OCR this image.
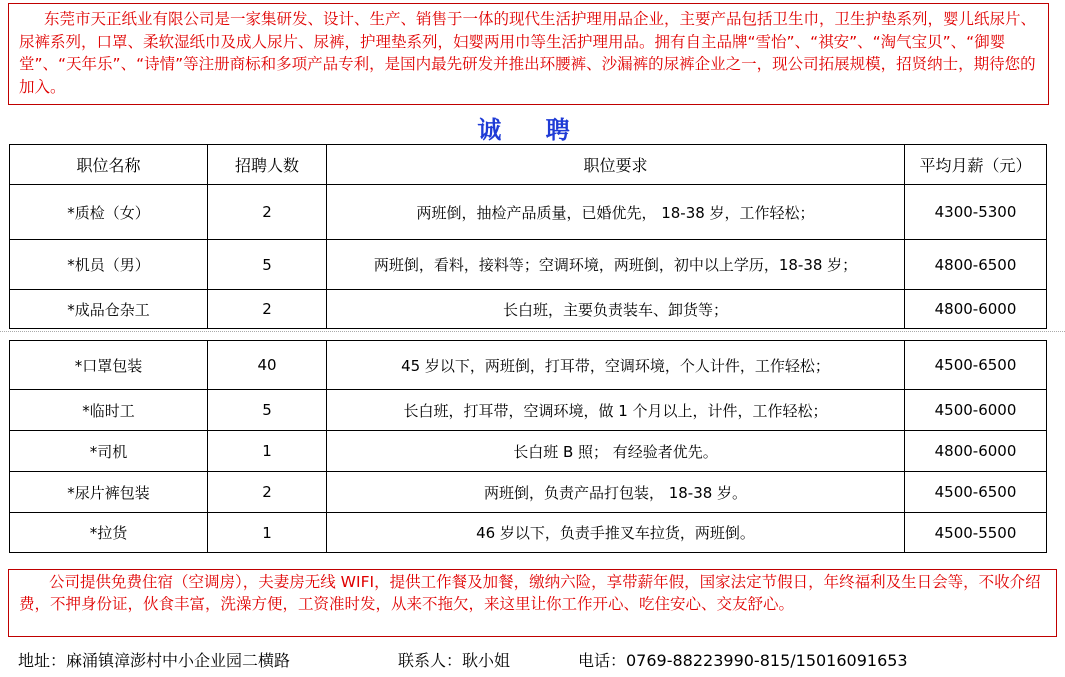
东莞市天正纸业有限公司是一家集研发、设计、生产、销售于一体的现代生活护理用品企业，主要产品包括卫生巾，卫生护垫系列，婴儿纸尿片、尿裤系列，口罩、柔软湿纸巾及成人尿片、尿裤，护理垫系列，妇婴两用巾等生活护理用品。拥有自主品牌“雪怡”、“祺安”、“淘气宝贝”、“御婴堂”、“天年乐”、“诗情”等注册商标和多项产品专利，是国内最先研发并推出环腰裤、沙漏裤的尿裤企业之一，现公司拓展规模，招贤纳士，期待您的加入。

诚 聘
职位名称	招聘人数	职位要求	平均月薪（元）
*质检（女）	2	两班倒，抽检产品质量，已婚优先， 18-38 岁，工作轻松；	4300-5300
*机员（男）	5	两班倒，看料，接料等；空调环境，两班倒，初中以上学历，18-38 岁；	4800-6500
*成品仓杂工	2	长白班，主要负责装车、卸货等；	4800-6000
*口罩包装	40	45 岁以下，两班倒，打耳带，空调环境，个人计件，工作轻松；	4500-6500
*临时工	5	长白班，打耳带，空调环境，做 1 个月以上，计件，工作轻松；	4500-6000
*司机	1	长白班 B 照； 有经验者优先。	4800-6000
*尿片裤包装	2	两班倒，负责产品打包装， 18-38 岁。	4500-6500
*拉货	1	46 岁以下，负责手推叉车拉货，两班倒。	4500-5500

公司提供免费住宿（空调房），夫妻房无线 WIFI，提供工作餐及加餐，缴纳六险，享带薪年假，国家法定节假日，年终福利及生日会等，不收介绍费，不押身份证，伙食丰富，洗澡方便，工资准时发，从来不拖欠，来这里让你工作开心、吃住安心、交友舒心。

地址：麻涌镇漳澎村中小企业园二横路	联系人：耿小姐	电话：0769-88223990-815/15016091653
